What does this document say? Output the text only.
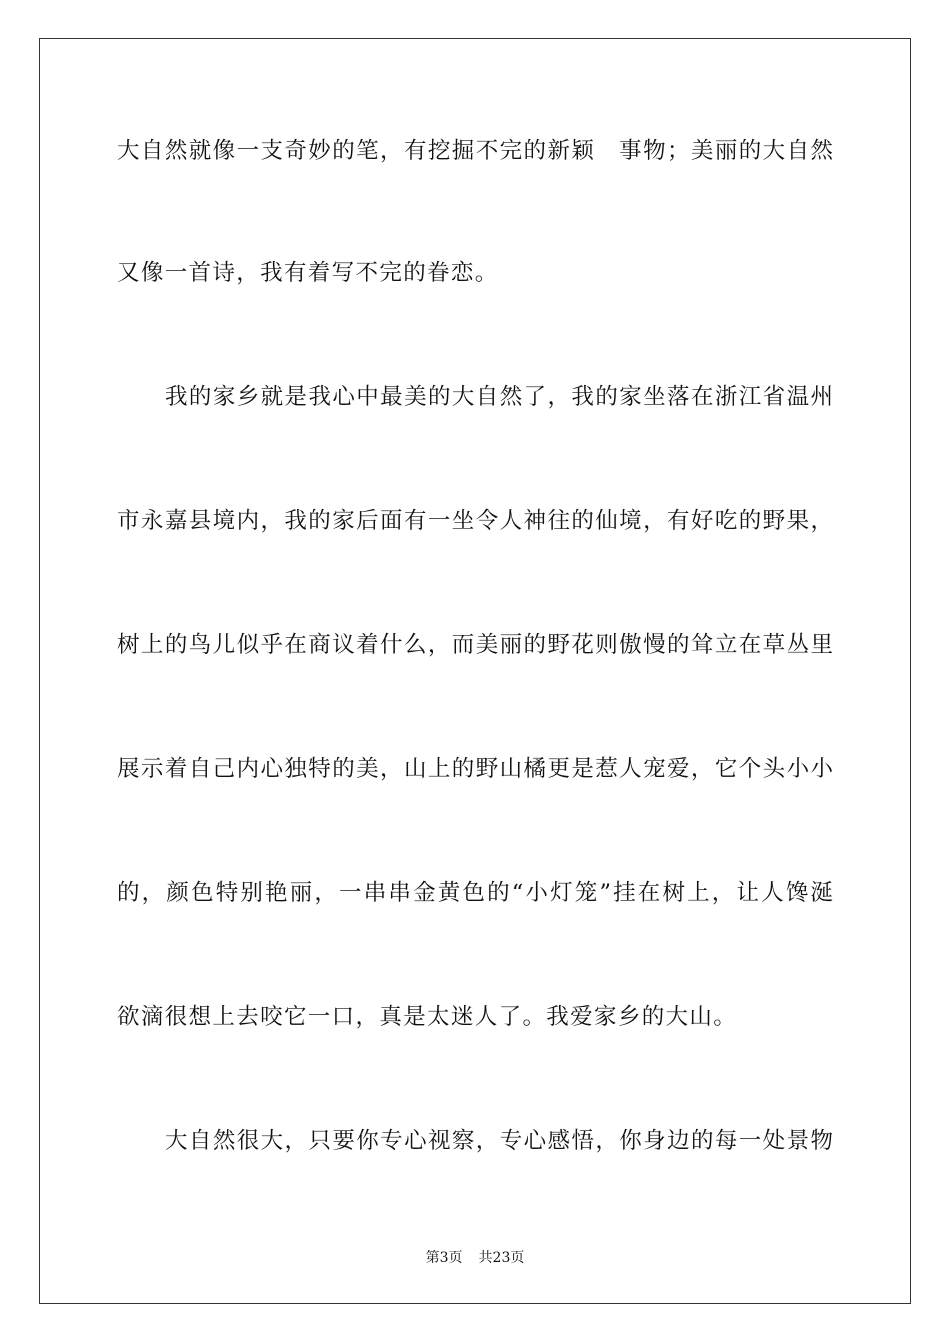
大自然就像一支奇妙的笔，有挖掘不完的新颖　事物；美丽的大自然
又像一首诗，我有着写不完的眷恋。
我的家乡就是我心中最美的大自然了，我的家坐落在浙江省温州
市永嘉县境内，我的家后面有一坐令人神往的仙境，有好吃的野果，
树上的鸟儿似乎在商议着什么，而美丽的野花则傲慢的耸立在草丛里
展示着自己内心独特的美，山上的野山橘更是惹人宠爱，它个头小小
的，颜色特别艳丽，一串串金黄色的“小灯笼”挂在树上，让人馋涎
欲滴很想上去咬它一口，真是太迷人了。我爱家乡的大山。
大自然很大，只要你专心视察，专心感悟，你身边的每一处景物
第3页 共23页
